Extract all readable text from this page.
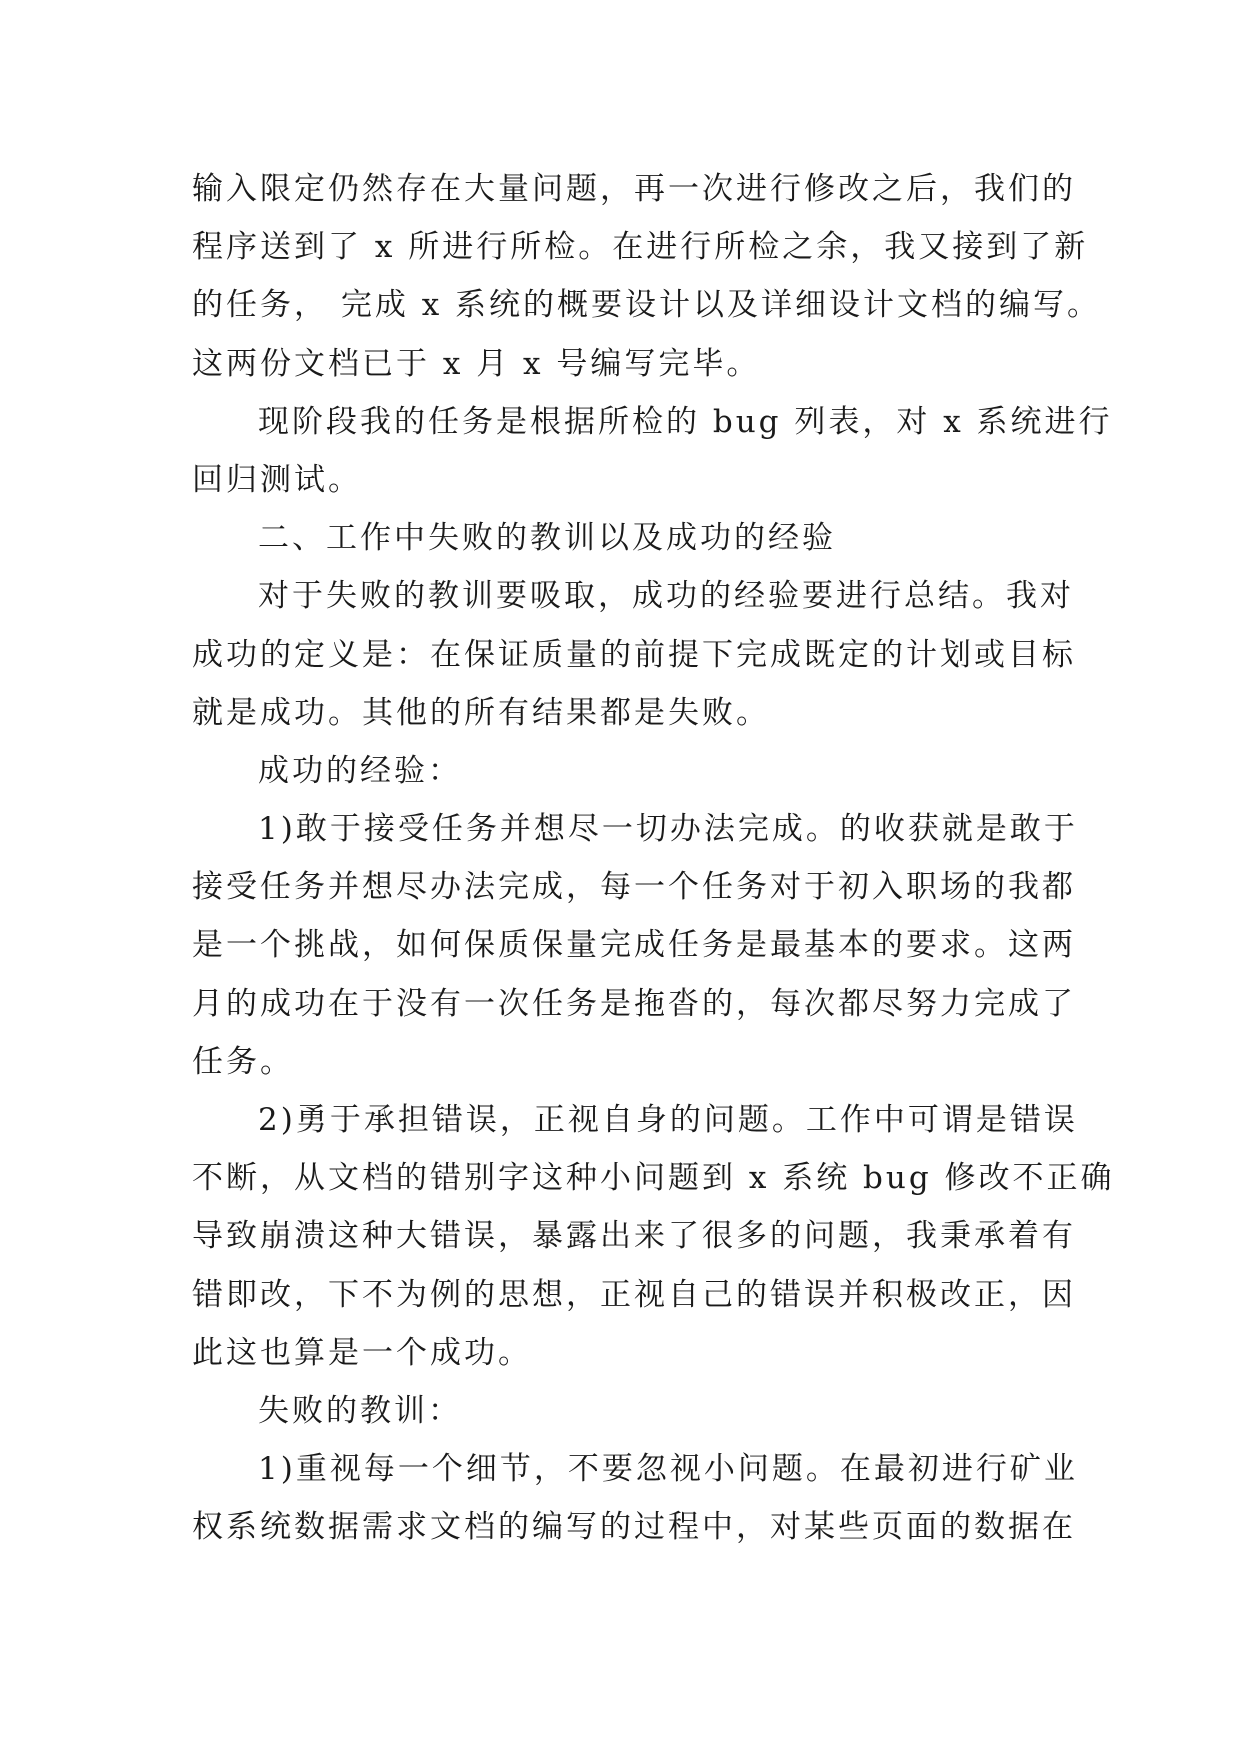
输入限定仍然存在大量问题，再一次进行修改之后，我们的
程序送到了 x 所进行所检。在进行所检之余，我又接到了新
的任务， 完成 x 系统的概要设计以及详细设计文档的编写。
这两份文档已于 x 月 x 号编写完毕。
现阶段我的任务是根据所检的 bug 列表，对 x 系统进行
回归测试。
二、工作中失败的教训以及成功的经验
对于失败的教训要吸取，成功的经验要进行总结。我对
成功的定义是：在保证质量的前提下完成既定的计划或目标
就是成功。其他的所有结果都是失败。
成功的经验：
1)敢于接受任务并想尽一切办法完成。的收获就是敢于
接受任务并想尽办法完成，每一个任务对于初入职场的我都
是一个挑战，如何保质保量完成任务是最基本的要求。这两
月的成功在于没有一次任务是拖沓的，每次都尽努力完成了
任务。
2)勇于承担错误，正视自身的问题。工作中可谓是错误
不断，从文档的错别字这种小问题到 x 系统 bug 修改不正确
导致崩溃这种大错误，暴露出来了很多的问题，我秉承着有
错即改，下不为例的思想，正视自己的错误并积极改正，因
此这也算是一个成功。
失败的教训：
1)重视每一个细节，不要忽视小问题。在最初进行矿业
权系统数据需求文档的编写的过程中，对某些页面的数据在
